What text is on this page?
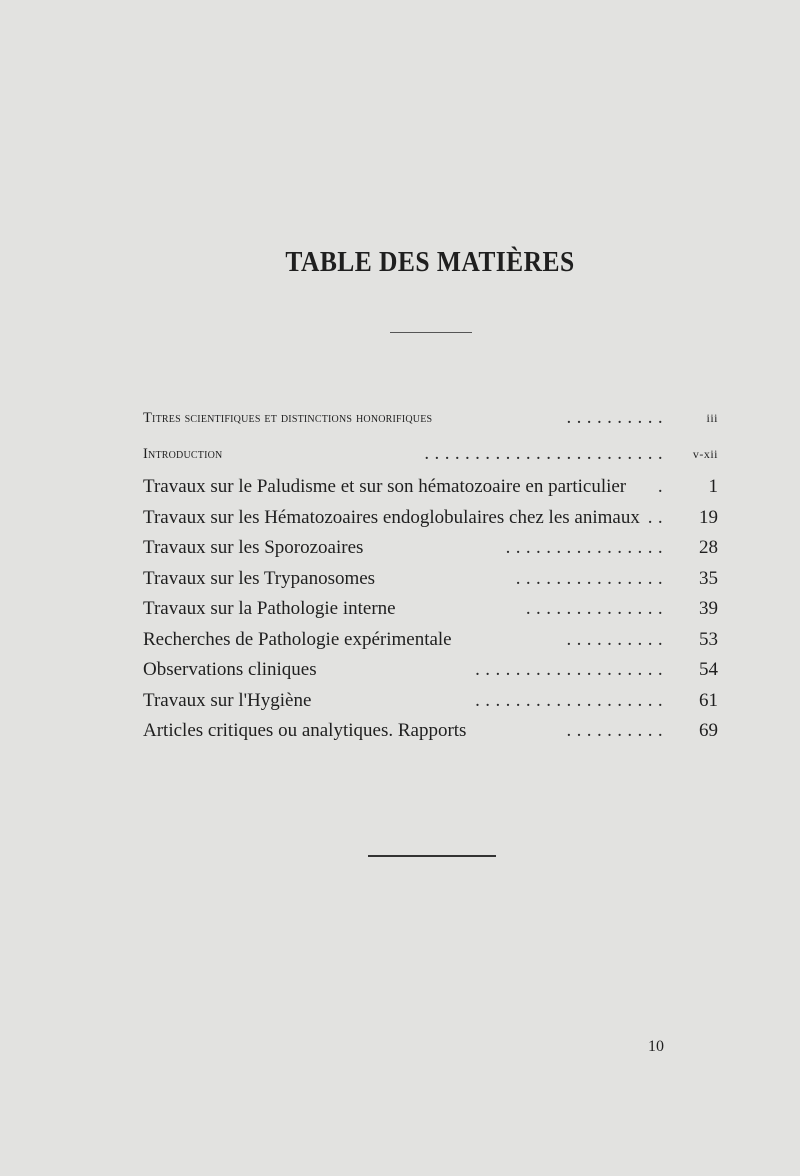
TABLE DES MATIÈRES
Titres scientifiques et distinctions honorifiques	..........	iii
Introduction	........................ v-xii
Travaux sur le Paludisme et sur son hématozoaire en particulier . 1
Travaux sur les Hématozoaires endoglobulaires chez les animaux .. 19
Travaux sur les Sporozoaires	................ 28
Travaux sur les Trypanosomes	............... 35
Travaux sur la Pathologie interne	.............. 39
Recherches de Pathologie expérimentale	.......... 53
Observations cliniques	................... 54
Travaux sur l'Hygiène	................... 61
Articles critiques ou analytiques. Rapports	.......... 69
10
